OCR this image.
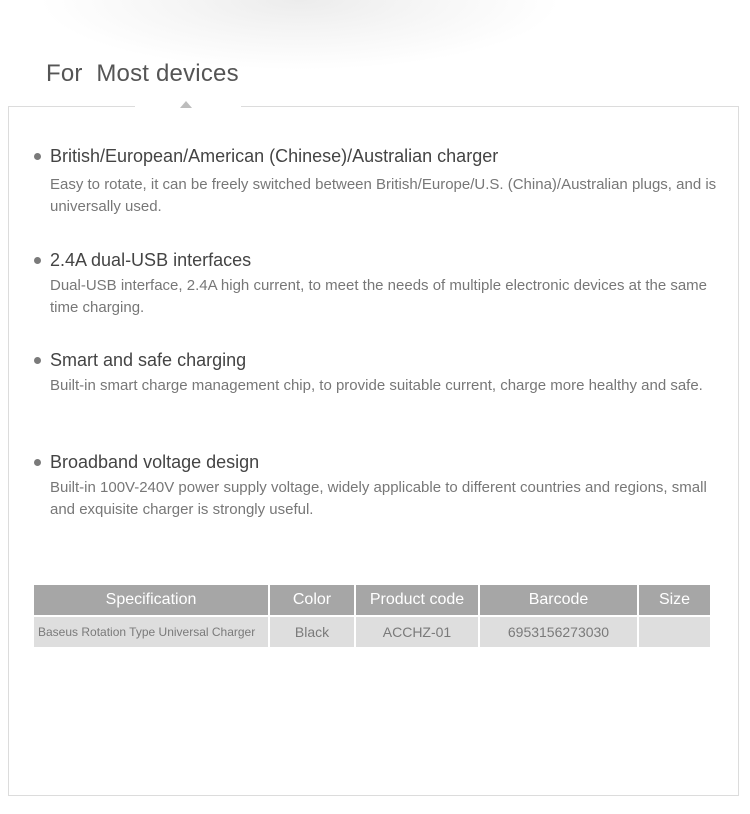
For  Most devices
British/European/American (Chinese)/Australian charger
Easy to rotate, it can be freely switched between British/Europe/U.S. (China)/Australian plugs, and is universally used.
2.4A dual-USB interfaces
Dual-USB interface, 2.4A high current, to meet the needs of multiple electronic devices at the same time charging.
Smart and safe charging
Built-in smart charge management chip, to provide suitable current, charge more healthy and safe.
Broadband voltage design
Built-in 100V-240V power supply voltage, widely applicable to different countries and regions, small and exquisite charger is strongly useful.
Specification	Color	Product code	Barcode	Size
Baseus Rotation Type Universal Charger	Black	ACCHZ-01	6953156273030	
